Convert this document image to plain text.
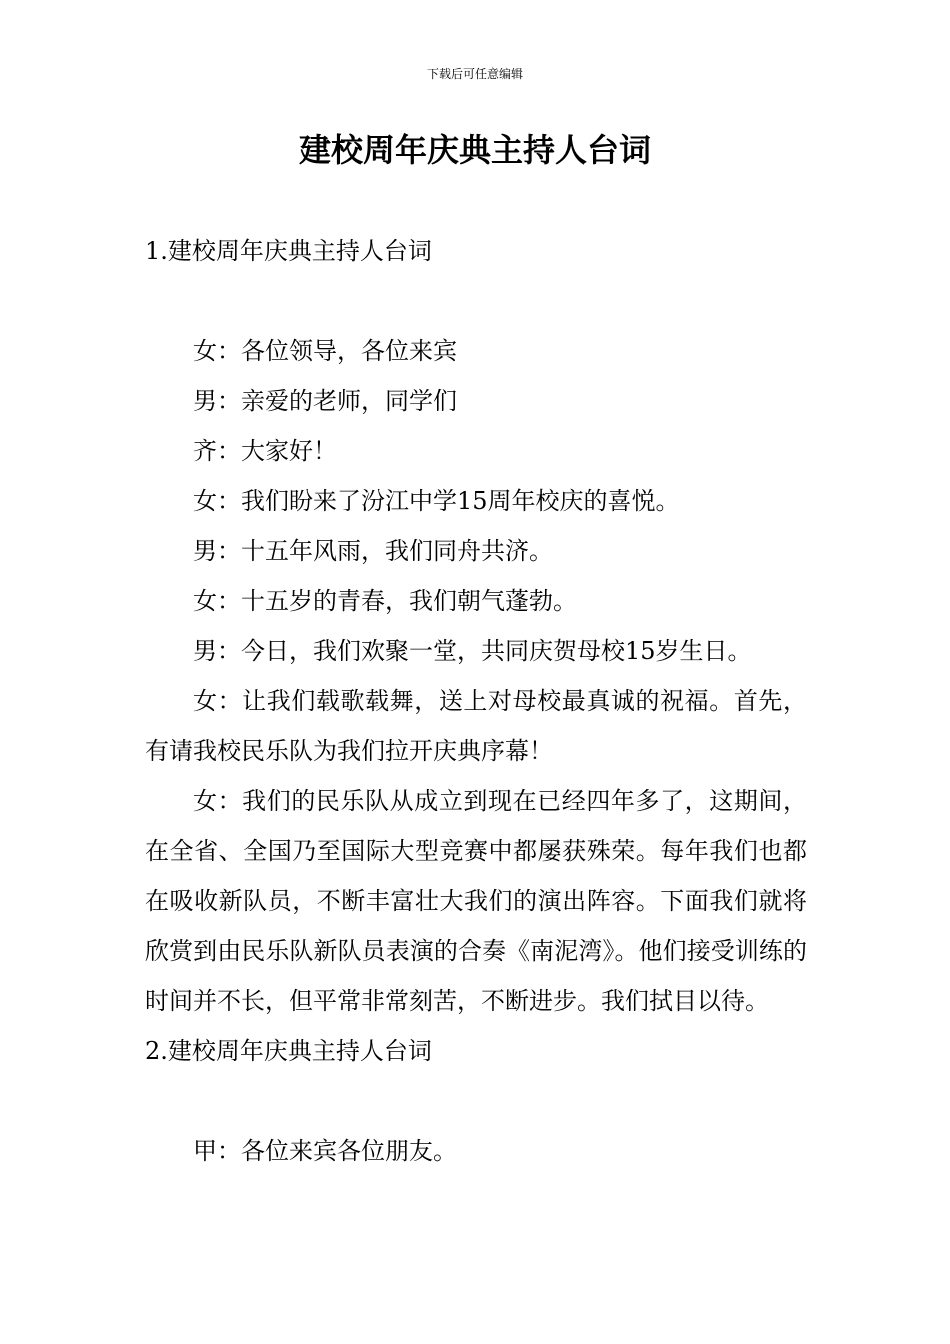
下载后可任意编辑
建校周年庆典主持人台词
1.建校周年庆典主持人台词

女：各位领导，各位来宾

男：亲爱的老师，同学们

齐：大家好！

女：我们盼来了汾江中学15周年校庆的喜悦。

男：十五年风雨，我们同舟共济。

女：十五岁的青春，我们朝气蓬勃。

男：今日，我们欢聚一堂，共同庆贺母校15岁生日。

女：让我们载歌载舞，送上对母校最真诚的祝福。首先，有请我校民乐队为我们拉开庆典序幕！

女：我们的民乐队从成立到现在已经四年多了，这期间，在全省、全国乃至国际大型竞赛中都屡获殊荣。每年我们也都在吸收新队员，不断丰富壮大我们的演出阵容。下面我们就将欣赏到由民乐队新队员表演的合奏《南泥湾》。他们接受训练的时间并不长，但平常非常刻苦，不断进步。我们拭目以待。

2.建校周年庆典主持人台词

甲：各位来宾各位朋友。
